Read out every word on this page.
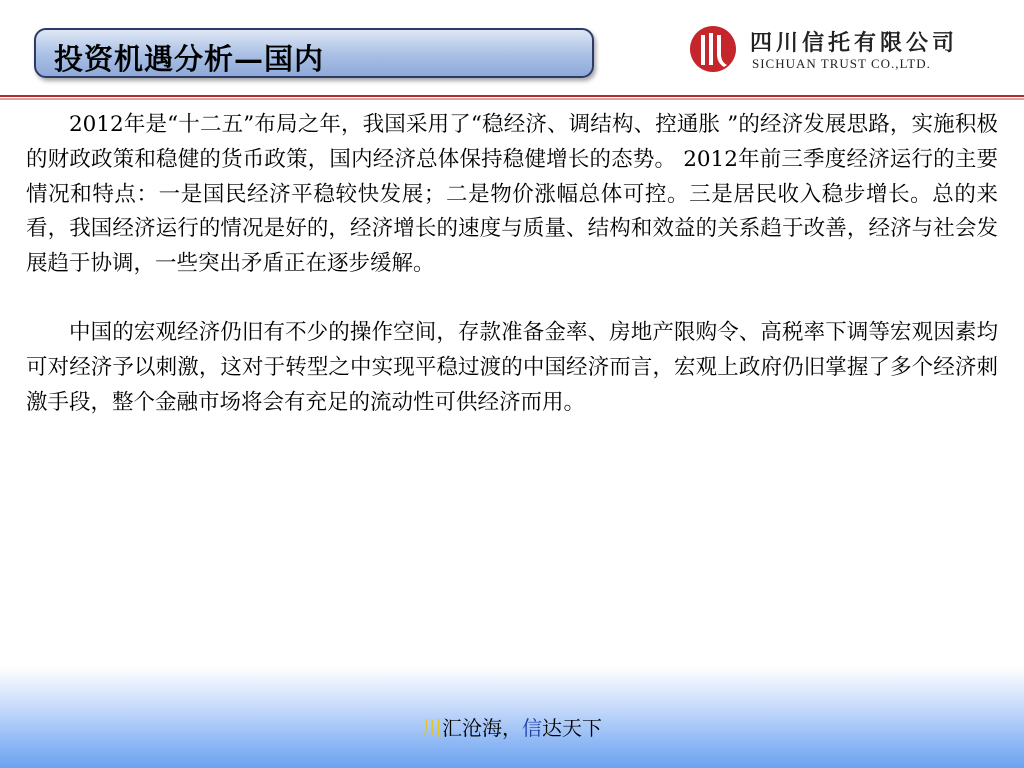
投资机遇分析—国内	四川信托有限公司
SICHUAN TRUST CO.,LTD.

2012年是“十二五”布局之年，我国采用了“稳经济、调结构、控通胀 ”的经济发展思路，实施积极的财政政策和稳健的货币政策，国内经济总体保持稳健增长的态势。 2012年前三季度经济运行的主要情况和特点：一是国民经济平稳较快发展；二是物价涨幅总体可控。三是居民收入稳步增长。总的来看，我国经济运行的情况是好的，经济增长的速度与质量、结构和效益的关系趋于改善，经济与社会发展趋于协调，一些突出矛盾正在逐步缓解。

中国的宏观经济仍旧有不少的操作空间，存款准备金率、房地产限购令、高税率下调等宏观因素均可对经济予以刺激，这对于转型之中实现平稳过渡的中国经济而言，宏观上政府仍旧掌握了多个经济刺激手段，整个金融市场将会有充足的流动性可供经济而用。

川汇沧海，信达天下
